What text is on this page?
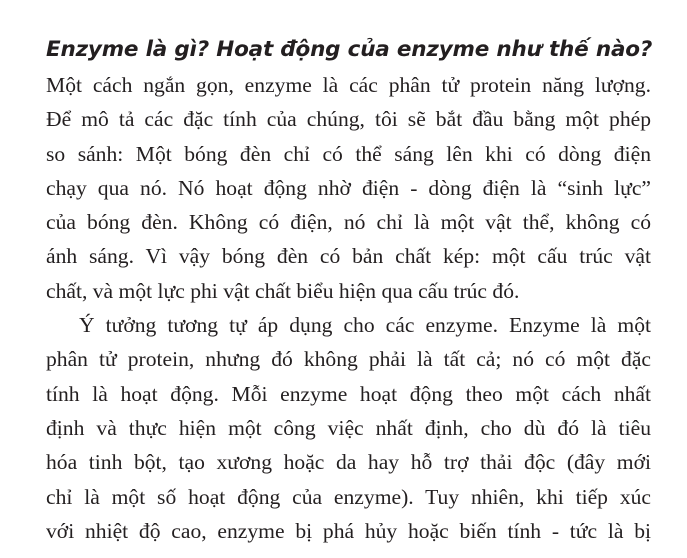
Enzyme là gì? Hoạt động của enzyme như thế nào?
Một cách ngắn gọn, enzyme là các phân tử protein năng lượng.
Để mô tả các đặc tính của chúng, tôi sẽ bắt đầu bằng một phép
so sánh: Một bóng đèn chỉ có thể sáng lên khi có dòng điện
chạy qua nó. Nó hoạt động nhờ điện - dòng điện là “sinh lực”
của bóng đèn. Không có điện, nó chỉ là một vật thể, không có
ánh sáng. Vì vậy bóng đèn có bản chất kép: một cấu trúc vật
chất, và một lực phi vật chất biểu hiện qua cấu trúc đó.
Ý tưởng tương tự áp dụng cho các enzyme. Enzyme là một
phân tử protein, nhưng đó không phải là tất cả; nó có một đặc
tính là hoạt động. Mỗi enzyme hoạt động theo một cách nhất
định và thực hiện một công việc nhất định, cho dù đó là tiêu
hóa tinh bột, tạo xương hoặc da hay hỗ trợ thải độc (đây mới
chỉ là một số hoạt động của enzyme). Tuy nhiên, khi tiếp xúc
với nhiệt độ cao, enzyme bị phá hủy hoặc biến tính - tức là bị
